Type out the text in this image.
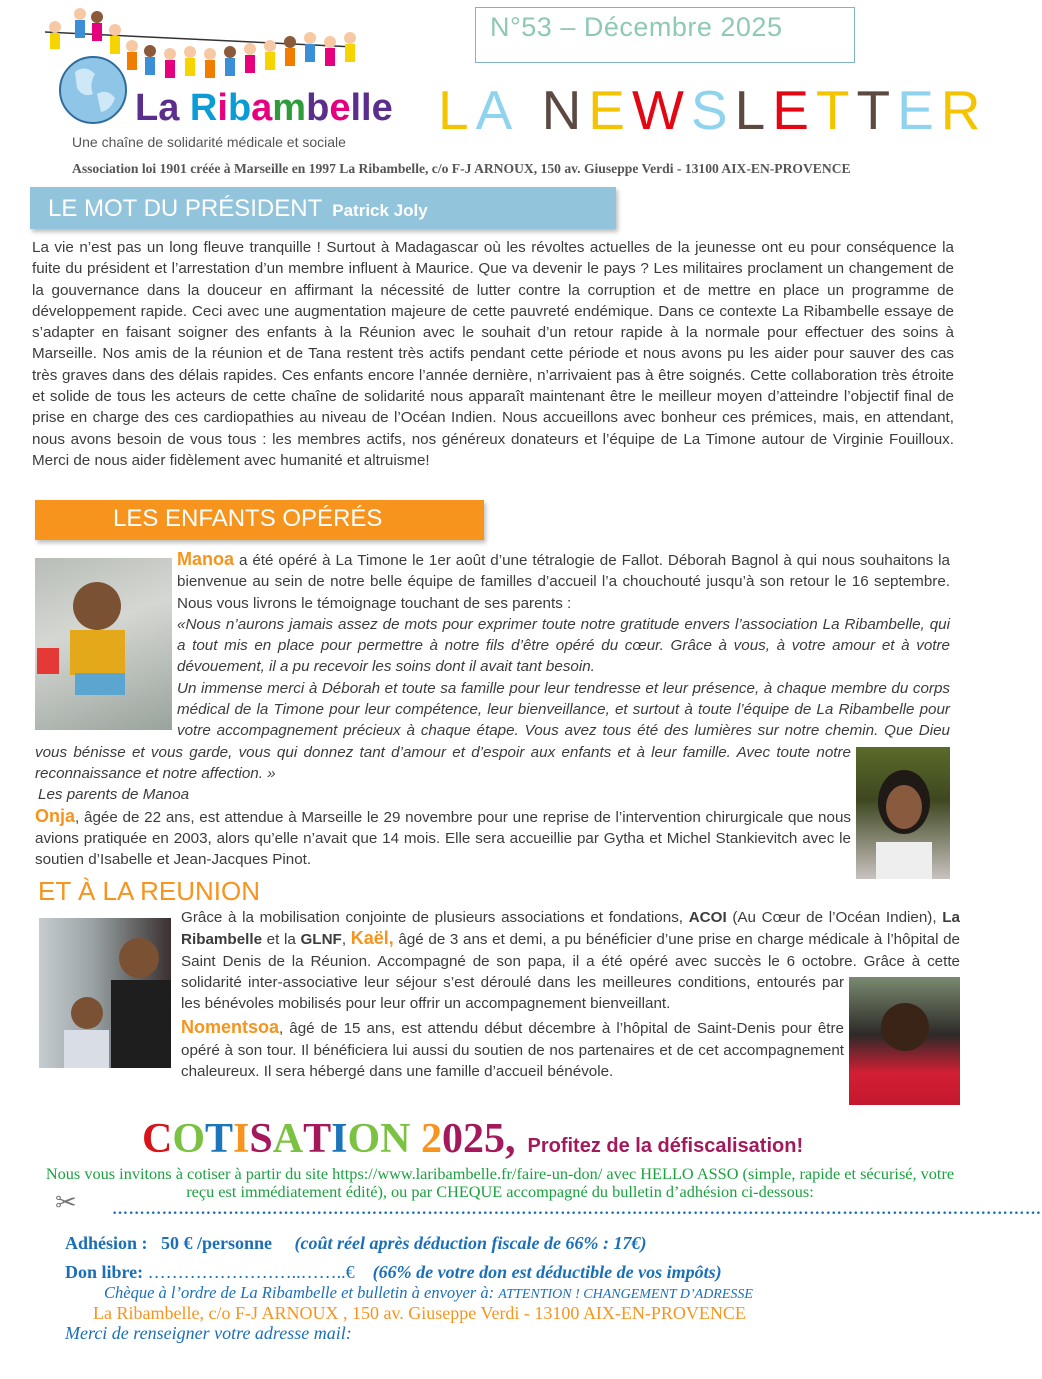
La Ribambelle
Une chaîne de solidarité médicale et sociale
N°53 – Décembre 2025
LA NEWSLETTER
Association loi 1901 créée à Marseille en 1997 La Ribambelle, c/o F-J ARNOUX, 150 av. Giuseppe Verdi - 13100 AIX-EN-PROVENCE
LE MOT DU PRÉSIDENT Patrick Joly
La vie n’est pas un long fleuve tranquille ! Surtout à Madagascar où les révoltes actuelles de la jeunesse ont eu pour conséquence la fuite du président et l’arrestation d’un membre influent à Maurice. Que va devenir le pays ? Les militaires proclament un changement de la gouvernance dans la douceur en affirmant la nécessité de lutter contre la corruption et de mettre en place un programme de développement rapide. Ceci avec une augmentation majeure de cette pauvreté endémique. Dans ce contexte La Ribambelle essaye de s’adapter en faisant soigner des enfants à la Réunion avec le souhait d’un retour rapide à la normale pour effectuer des soins à Marseille. Nos amis de la réunion et de Tana restent très actifs pendant cette période et nous avons pu les aider pour sauver des cas très graves dans des délais rapides. Ces enfants encore l’année dernière, n’arrivaient pas à être soignés. Cette collaboration très étroite et solide de tous les acteurs de cette chaîne de solidarité nous apparaît maintenant être le meilleur moyen d’atteindre l’objectif final de prise en charge des ces cardiopathies au niveau de l’Océan Indien. Nous accueillons avec bonheur ces prémices, mais, en attendant, nous avons besoin de vous tous : les membres actifs, nos généreux donateurs et l’équipe de La Timone autour de Virginie Fouilloux. Merci de nous aider fidèlement avec humanité et altruisme!
LES ENFANTS OPÉRÉS
Manoa a été opéré à La Timone le 1er août d’une tétralogie de Fallot. Déborah Bagnol à qui nous souhaitons la bienvenue au sein de notre belle équipe de familles d’accueil l’a chouchouté jusqu’à son retour le 16 septembre. Nous vous livrons le témoignage touchant de ses parents :
«Nous n’aurons jamais assez de mots pour exprimer toute notre gratitude envers l’association La Ribambelle, qui a tout mis en place pour permettre à notre fils d’être opéré du cœur. Grâce à vous, à votre amour et à votre dévouement, il a pu recevoir les soins dont il avait tant besoin.
Un immense merci à Déborah et toute sa famille pour leur tendresse et leur présence, à chaque membre du corps médical de la Timone pour leur compétence, leur bienveillance, et surtout à toute l’équipe de La Ribambelle pour votre accompagnement précieux à chaque étape. Vous avez tous été des lumières sur notre chemin. Que Dieu vous bénisse et vous garde, vous qui donnez tant d’amour et d’espoir aux enfants et à leur famille. Avec toute notre reconnaissance et notre affection. »
Les parents de Manoa
Onja, âgée de 22 ans, est attendue à Marseille le 29 novembre pour une reprise de l’intervention chirurgicale que nous avions pratiquée en 2003, alors qu’elle n’avait que 14 mois. Elle sera accueillie par Gytha et Michel Stankievitch avec le soutien d’Isabelle et Jean-Jacques Pinot.
ET À LA REUNION
Grâce à la mobilisation conjointe de plusieurs associations et fondations, ACOI (Au Cœur de l’Océan Indien), La Ribambelle et la GLNF, Kaël, âgé de 3 ans et demi, a pu bénéficier d’une prise en charge médicale à l’hôpital de Saint Denis de la Réunion. Accompagné de son papa, il a été opéré avec succès le 6 octobre. Grâce à cette solidarité inter-associative leur séjour s’est déroulé dans les meilleures conditions, entourés par les bénévoles mobilisés pour leur offrir un accompagnement bienveillant.
Nomentsoa, âgé de 15 ans, est attendu début décembre à l’hôpital de Saint-Denis pour être opéré à son tour. Il bénéficiera lui aussi du soutien de nos partenaires et de cet accompagnement chaleureux. Il sera hébergé dans une famille d’accueil bénévole.
COTISATION 2025, Profitez de la défiscalisation!
Nous vous invitons à cotiser à partir du site https://www.laribambelle.fr/faire-un-don/ avec HELLO ASSO (simple, rapide et sécurisé, votre reçu est immédiatement édité), ou par CHEQUE accompagné du bulletin d’adhésion ci-dessous:
✂ ……………………………………………………………………………………………………………………………………………………
Adhésion : 50 € /personne (coût réel après déduction fiscale de 66% : 17€)
Don libre: ……………………..……..€ (66% de votre don est déductible de vos impôts)
Chèque à l’ordre de La Ribambelle et bulletin à envoyer à: ATTENTION ! CHANGEMENT D’ADRESSE
La Ribambelle, c/o F-J ARNOUX , 150 av. Giuseppe Verdi - 13100 AIX-EN-PROVENCE
Merci de renseigner votre adresse mail:
